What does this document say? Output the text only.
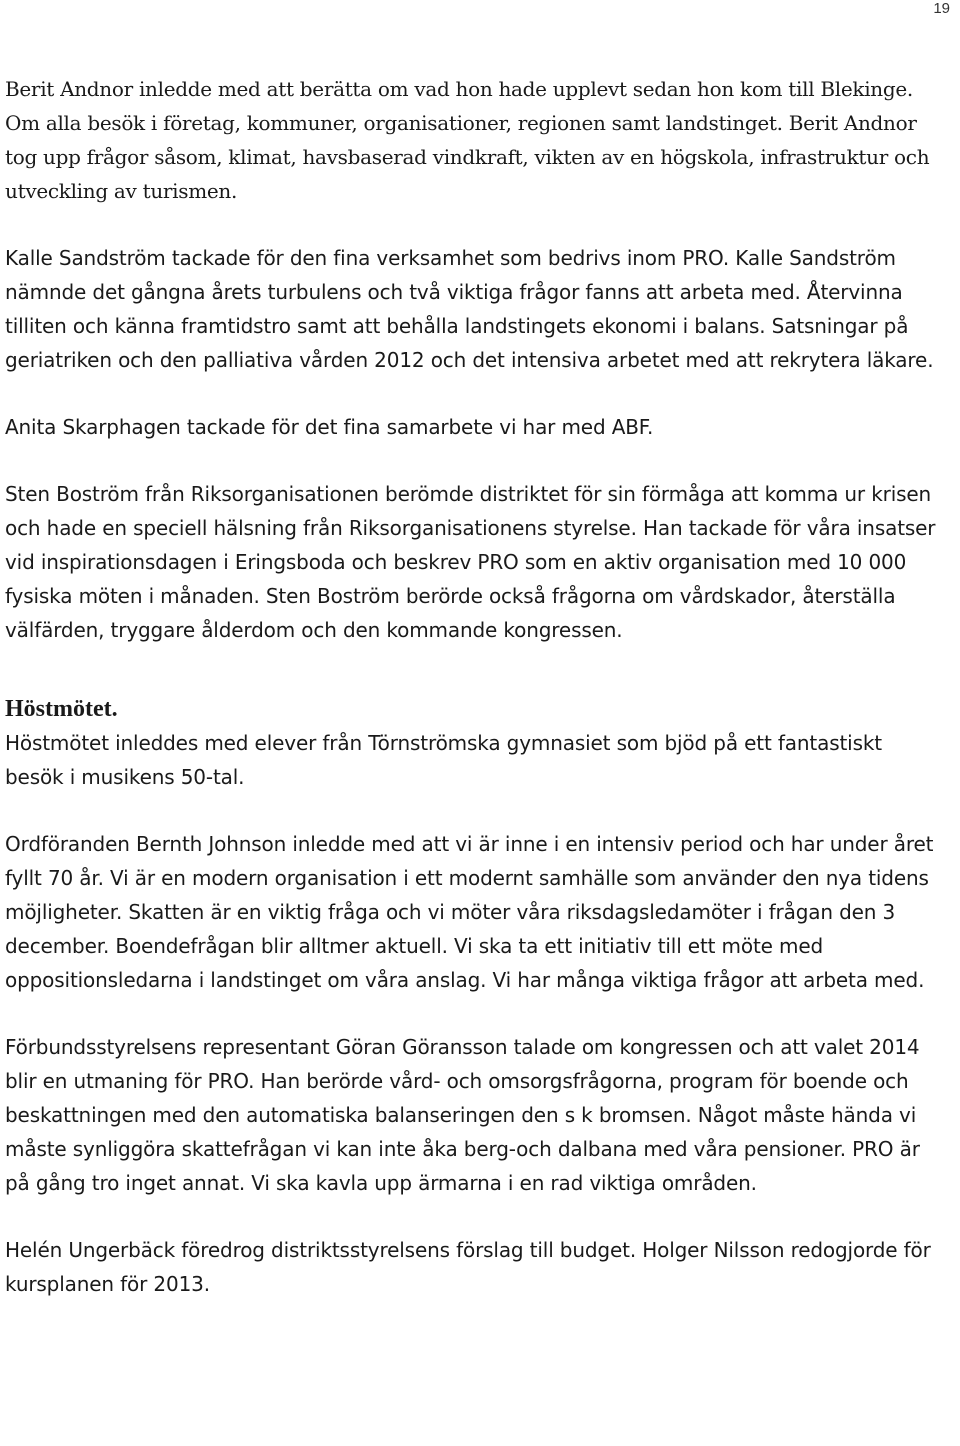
19

Berit Andnor inledde med att berätta om vad hon hade upplevt sedan hon kom till Blekinge. Om alla besök i företag, kommuner, organisationer, regionen samt landstinget. Berit Andnor tog upp frågor såsom, klimat, havsbaserad vindkraft, vikten av en högskola, infrastruktur och utveckling av turismen.

Kalle Sandström tackade för den fina verksamhet som bedrivs inom PRO. Kalle Sandström nämnde det gångna årets turbulens och två viktiga frågor fanns att arbeta med. Återvinna tilliten och känna framtidstro samt att behålla landstingets ekonomi i balans. Satsningar på geriatriken och den palliativa vården 2012 och det intensiva arbetet med att rekrytera läkare.

Anita Skarphagen tackade för det fina samarbete vi har med ABF.

Sten Boström från Riksorganisationen berömde distriktet för sin förmåga att komma ur krisen och hade en speciell hälsning från Riksorganisationens styrelse. Han tackade för våra insatser vid inspirationsdagen i Eringsboda och beskrev PRO som en aktiv organisation med 10 000 fysiska möten i månaden. Sten Boström berörde också frågorna om vårdskador, återställa välfärden, tryggare ålderdom och den kommande kongressen.

Höstmötet.

Höstmötet inleddes med elever från Törnströmska gymnasiet som bjöd på ett fantastiskt besök i musikens 50-tal.

Ordföranden Bernth Johnson inledde med att vi är inne i en intensiv period och har under året fyllt 70 år. Vi är en modern organisation i ett modernt samhälle som använder den nya tidens möjligheter. Skatten är en viktig fråga och vi möter våra riksdagsledamöter i frågan den 3 december. Boendefrågan blir alltmer aktuell. Vi ska ta ett initiativ till ett möte med oppositionsledarna i landstinget om våra anslag. Vi har många viktiga frågor att arbeta med.

Förbundsstyrelsens representant Göran Göransson talade om kongressen och att valet 2014 blir en utmaning för PRO. Han berörde vård- och omsorgsfrågorna, program för boende och beskattningen med den automatiska balanseringen den s k bromsen. Något måste hända vi måste synliggöra skattefrågan vi kan inte åka berg-och dalbana med våra pensioner. PRO är på gång tro inget annat. Vi ska kavla upp ärmarna i en rad viktiga områden.

Helén Ungerbäck föredrog distriktsstyrelsens förslag till budget. Holger Nilsson redogjorde för kursplanen för 2013.
